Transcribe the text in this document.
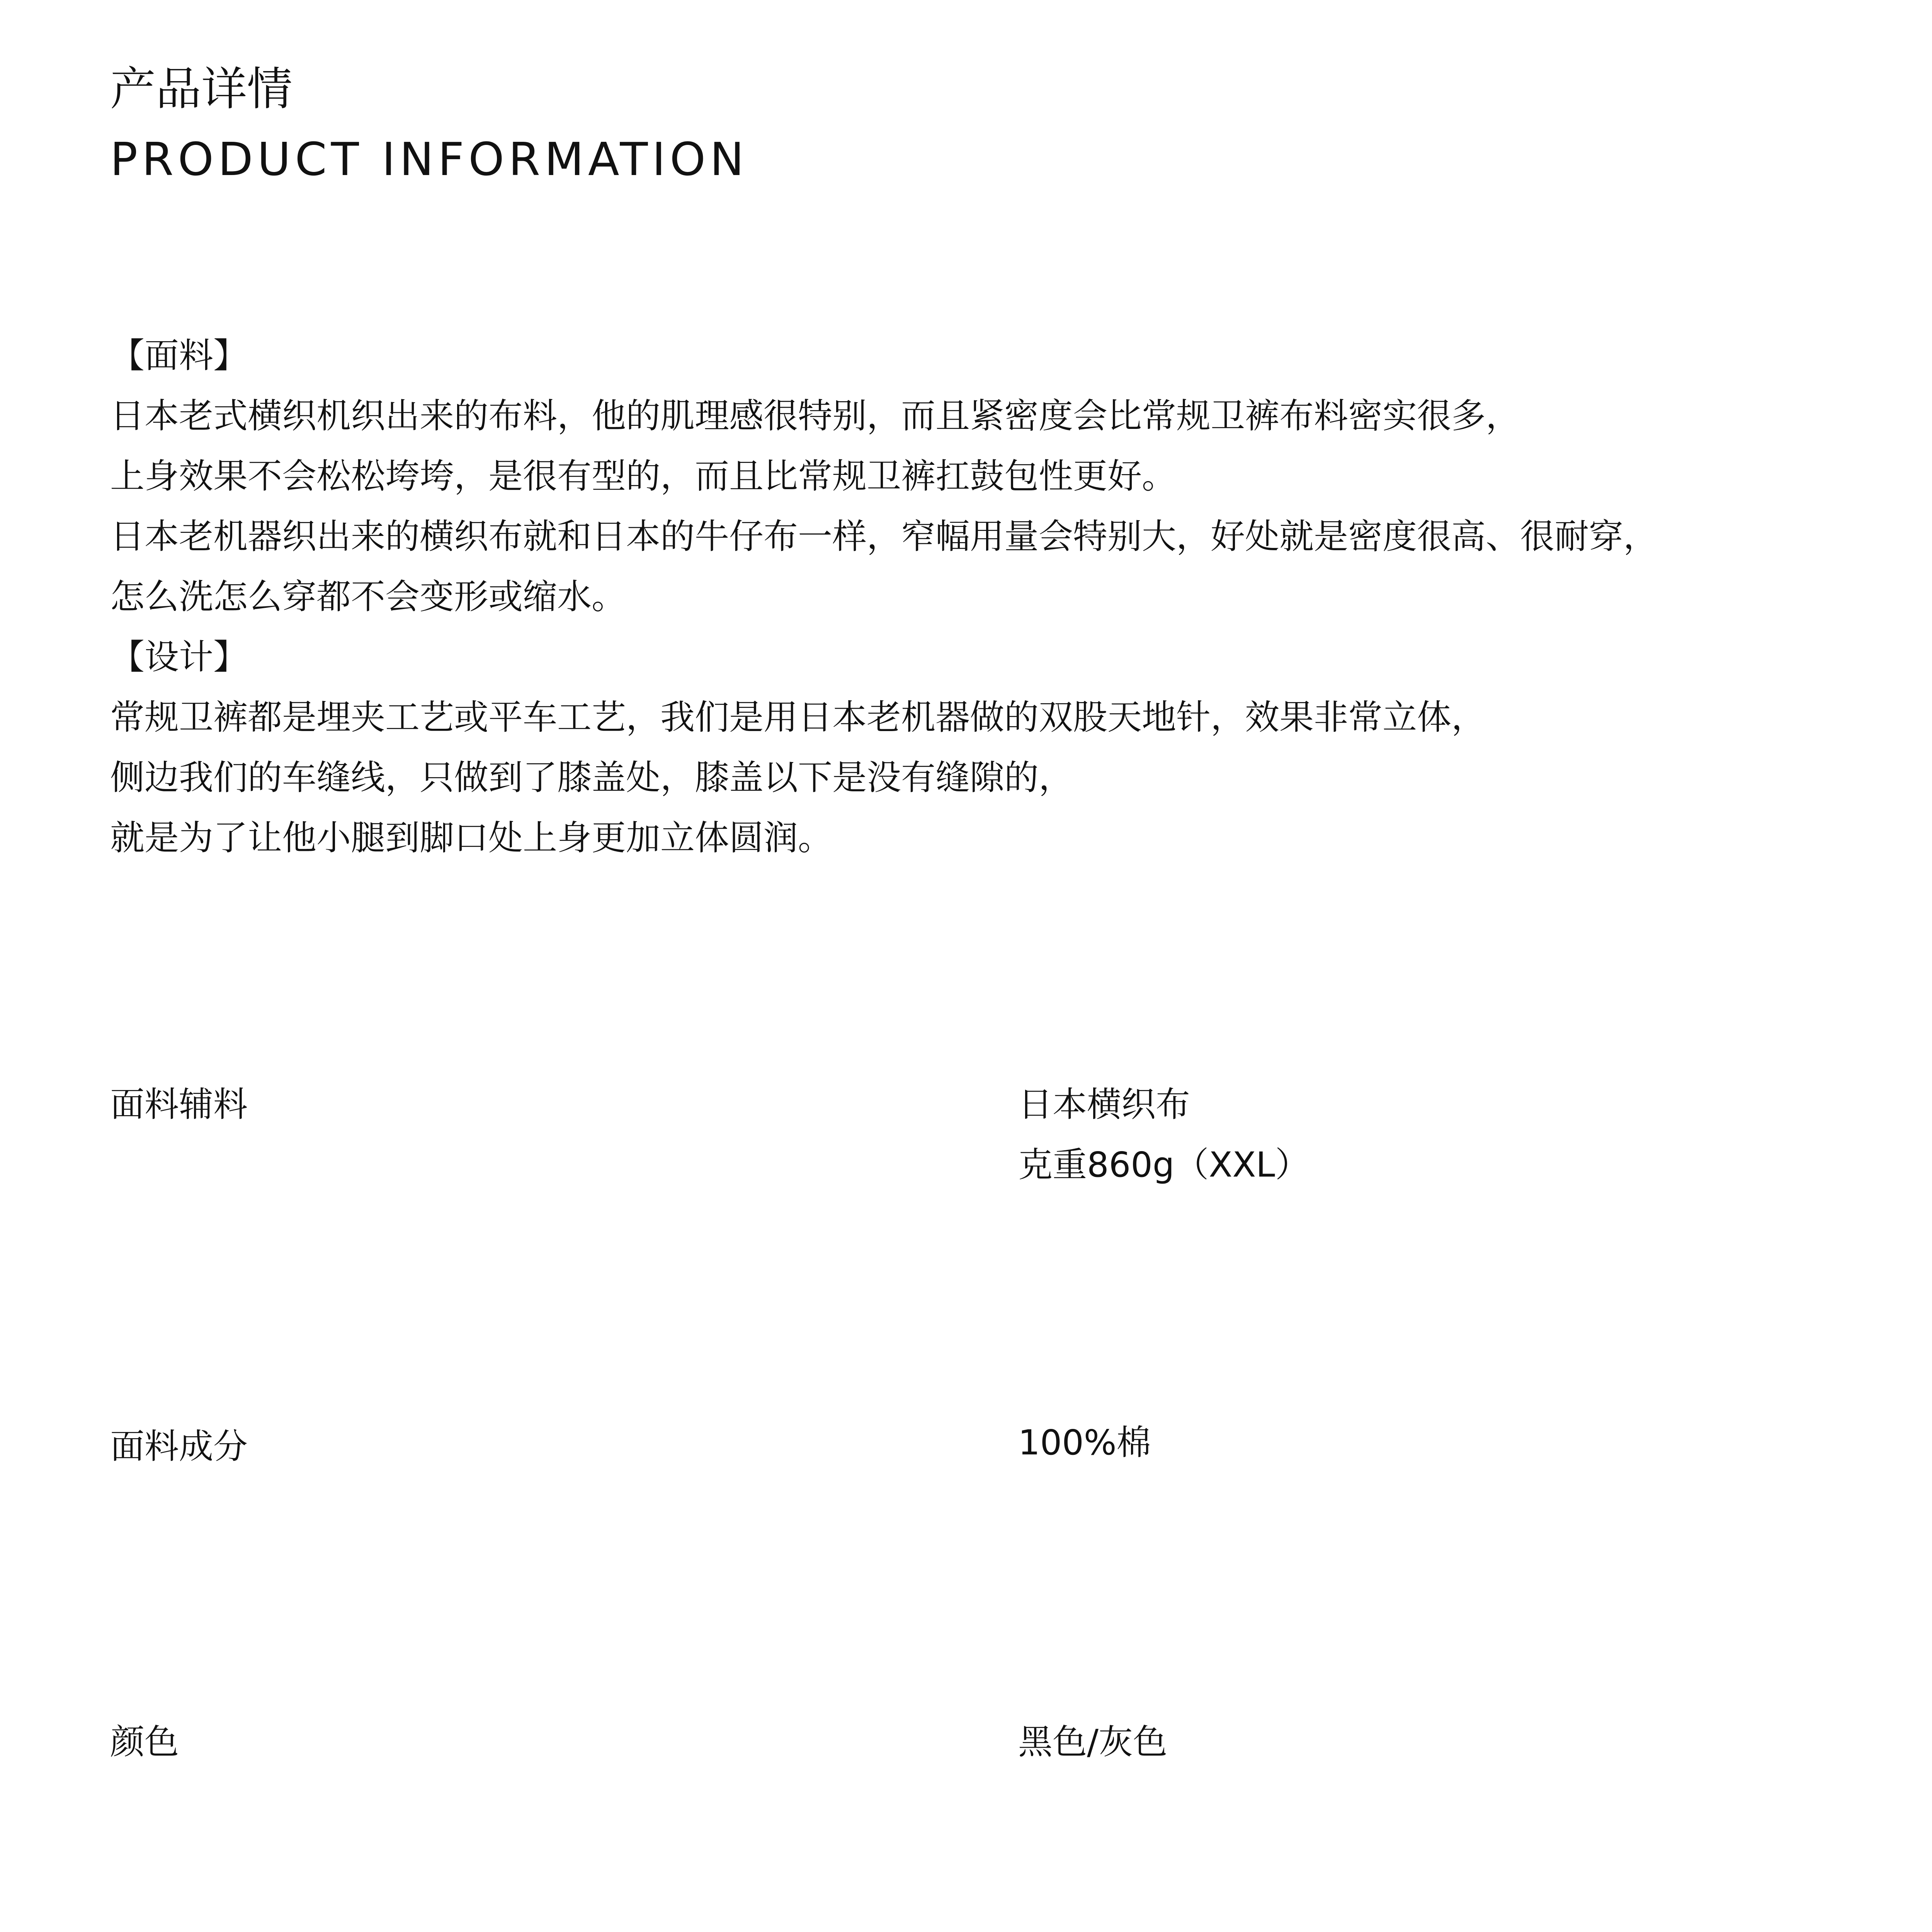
产品详情
PRODUCT INFORMATION

【面料】

日本老式横织机织出来的布料，他的肌理感很特别，而且紧密度会比常规卫裤布料密实很多，

上身效果不会松松垮垮，是很有型的，而且比常规卫裤扛鼓包性更好。

日本老机器织出来的横织布就和日本的牛仔布一样，窄幅用量会特别大，好处就是密度很高、很耐穿，

怎么洗怎么穿都不会变形或缩水。

【设计】

常规卫裤都是埋夹工艺或平车工艺，我们是用日本老机器做的双股天地针，效果非常立体，

侧边我们的车缝线，只做到了膝盖处，膝盖以下是没有缝隙的，

就是为了让他小腿到脚口处上身更加立体圆润。

面料辅料	日本横织布
克重860g（XXL）

面料成分	100%棉

颜色	黑色/灰色
